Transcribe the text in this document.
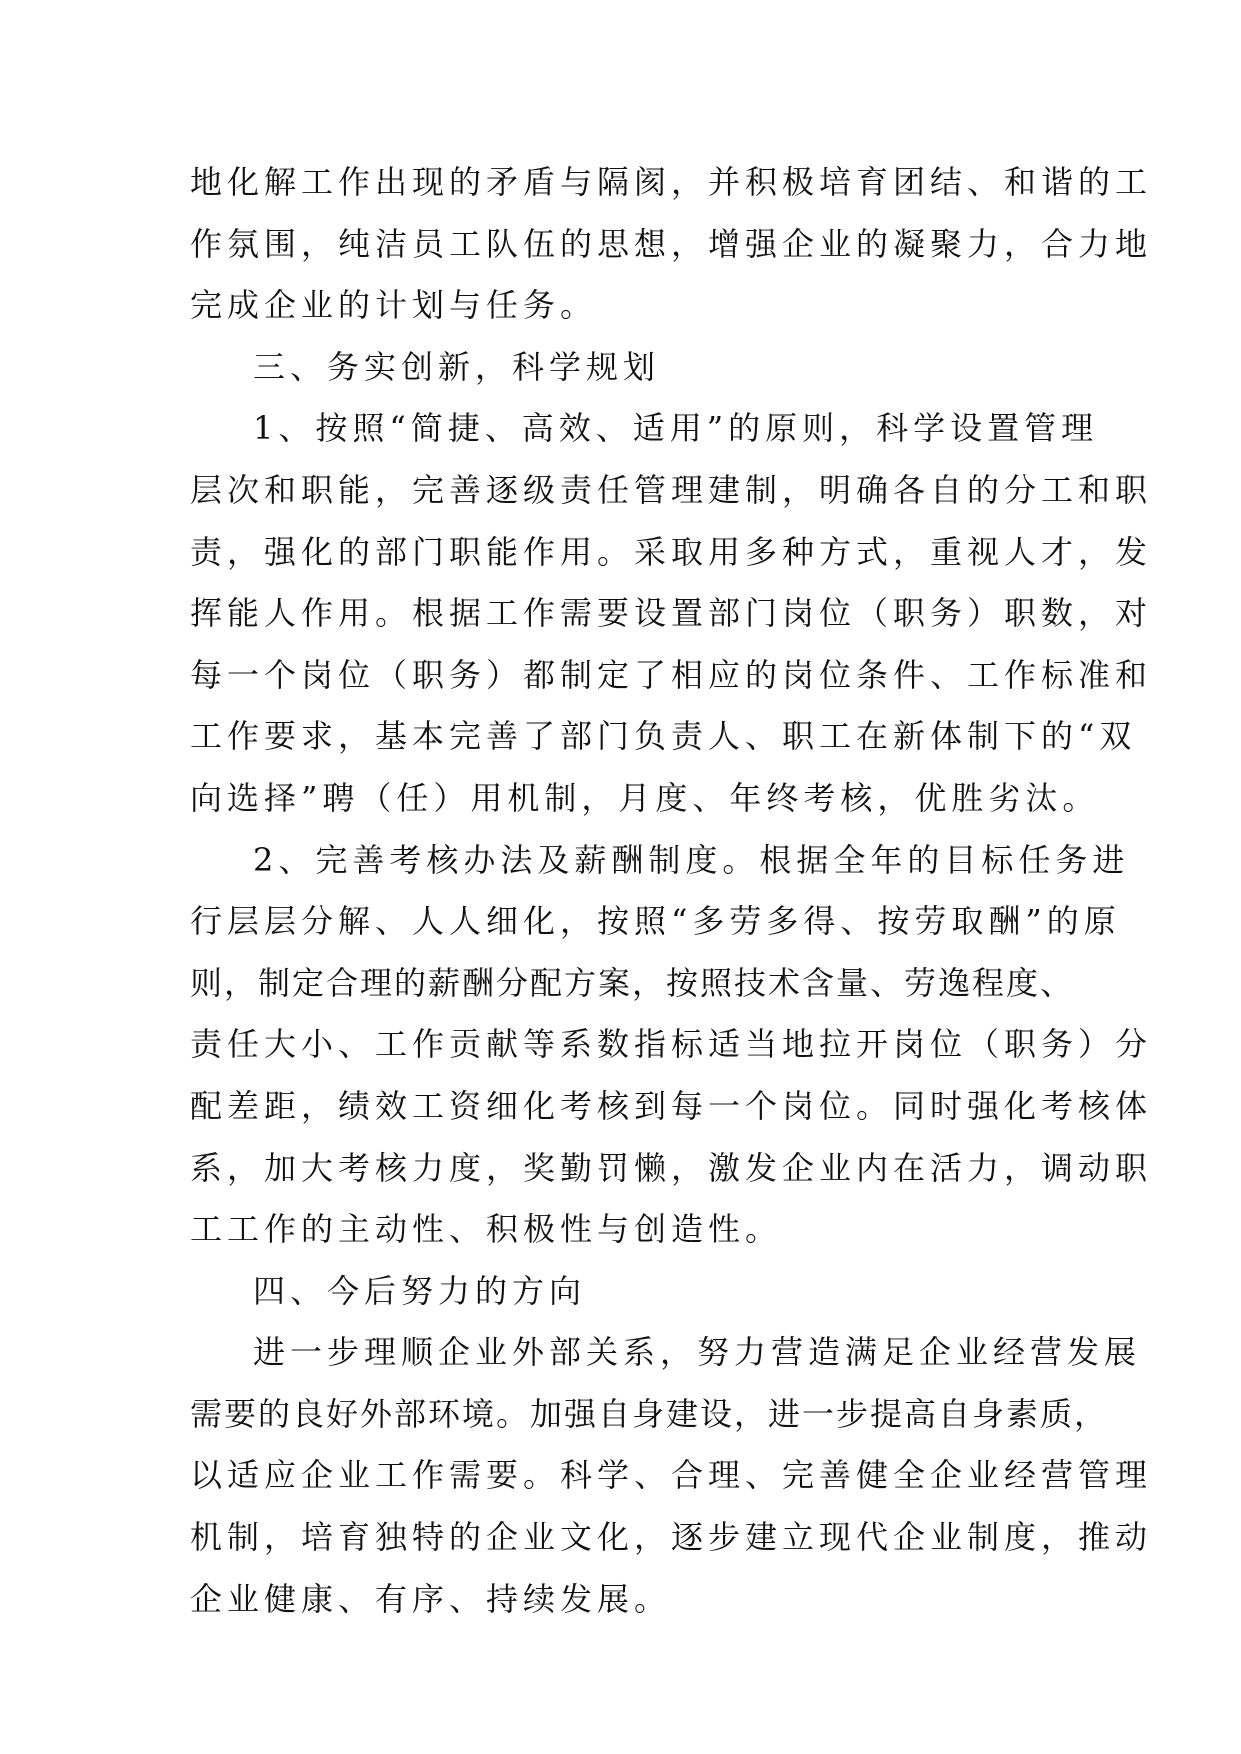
地化解工作出现的矛盾与隔阂，并积极培育团结、和谐的工
作氛围，纯洁员工队伍的思想，增强企业的凝聚力，合力地
完成企业的计划与任务。
三、务实创新，科学规划
1、按照“简捷、高效、适用”的原则，科学设置管理
层次和职能，完善逐级责任管理建制，明确各自的分工和职
责，强化的部门职能作用。采取用多种方式，重视人才，发
挥能人作用。根据工作需要设置部门岗位（职务）职数，对
每一个岗位（职务）都制定了相应的岗位条件、工作标准和
工作要求，基本完善了部门负责人、职工在新体制下的“双
向选择”聘（任）用机制，月度、年终考核，优胜劣汰。
2、完善考核办法及薪酬制度。根据全年的目标任务进
行层层分解、人人细化，按照“多劳多得、按劳取酬”的原
则，制定合理的薪酬分配方案，按照技术含量、劳逸程度、
责任大小、工作贡献等系数指标适当地拉开岗位（职务）分
配差距，绩效工资细化考核到每一个岗位。同时强化考核体
系，加大考核力度，奖勤罚懒，激发企业内在活力，调动职
工工作的主动性、积极性与创造性。
四、今后努力的方向
进一步理顺企业外部关系，努力营造满足企业经营发展
需要的良好外部环境。加强自身建设，进一步提高自身素质，
以适应企业工作需要。科学、合理、完善健全企业经营管理
机制，培育独特的企业文化，逐步建立现代企业制度，推动
企业健康、有序、持续发展。
